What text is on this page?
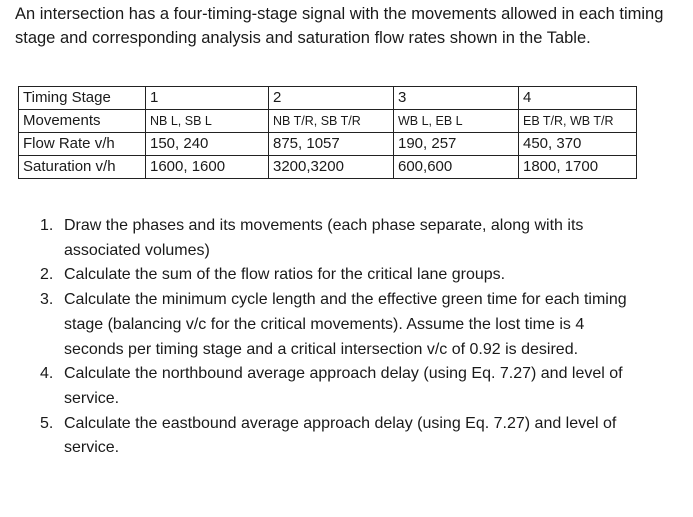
An intersection has a four-timing-stage signal with the movements allowed in each timing stage and corresponding analysis and saturation flow rates shown in the Table.

Timing Stage	1	2	3	4
Movements	NB L, SB L	NB T/R, SB T/R	WB L, EB L	EB T/R, WB T/R
Flow Rate v/h	150, 240	875, 1057	190, 257	450, 370
Saturation v/h	1600, 1600	3200,3200	600,600	1800, 1700
1. Draw the phases and its movements (each phase separate, along with its associated volumes)
2. Calculate the sum of the flow ratios for the critical lane groups.
3. Calculate the minimum cycle length and the effective green time for each timing stage (balancing v/c for the critical movements). Assume the lost time is 4 seconds per timing stage and a critical intersection v/c of 0.92 is desired.
4. Calculate the northbound average approach delay (using Eq. 7.27) and level of service.
5. Calculate the eastbound average approach delay (using Eq. 7.27) and level of service.
